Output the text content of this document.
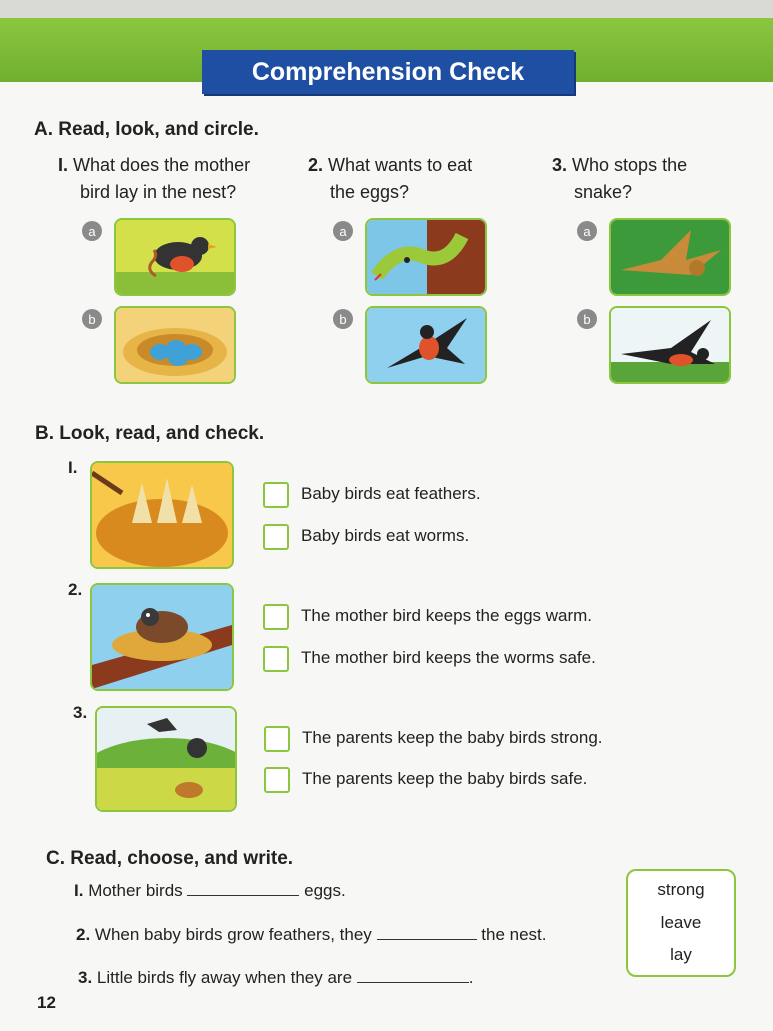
Comprehension Check
A. Read, look, and circle.
I. What does the mother
bird lay in the nest?
2. What wants to eat
the eggs?
3. Who stops the
snake?
a
b
a
b
a
b
B. Look, read, and check.
I.
Baby birds eat feathers.
Baby birds eat worms.
2.
The mother bird keeps the eggs warm.
The mother bird keeps the worms safe.
3.
The parents keep the baby birds strong.
The parents keep the baby birds safe.
C. Read, choose, and write.
I. Mother birds	eggs.
2. When baby birds grow feathers, they	the nest.
3. Little birds fly away when they are	.
strong
leave
lay
12
